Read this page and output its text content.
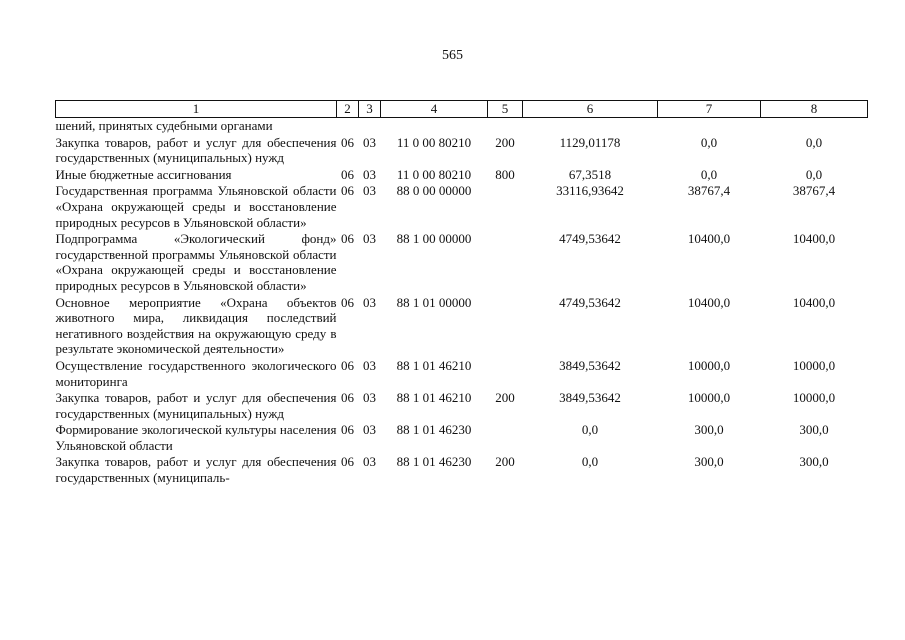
565
1	2	3	4	5	6	7	8
шений, принятых судебными органами							
Закупка товаров, работ и услуг для обеспечения государственных (муниципальных) нужд	06	03	11 0 00 80210	200	1129,01178	0,0	0,0
Иные бюджетные ассигнования	06	03	11 0 00 80210	800	67,3518	0,0	0,0
Государственная программа Ульяновской области «Охрана окружающей среды и восстановление природных ресурсов в Ульяновской области»	06	03	88 0 00 00000		33116,93642	38767,4	38767,4
Подпрограмма «Экологический фонд» государственной программы Ульяновской области «Охрана окружающей среды и восстановление природных ресурсов в Ульяновской области»	06	03	88 1 00 00000		4749,53642	10400,0	10400,0
Основное мероприятие «Охрана объектов животного мира, ликвидация последствий негативного воздействия на окружающую среду в результате экономической деятельности»	06	03	88 1 01 00000		4749,53642	10400,0	10400,0
Осуществление государственного экологического мониторинга	06	03	88 1 01 46210		3849,53642	10000,0	10000,0
Закупка товаров, работ и услуг для обеспечения государственных (муниципальных) нужд	06	03	88 1 01 46210	200	3849,53642	10000,0	10000,0
Формирование экологической культуры населения Ульяновской области	06	03	88 1 01 46230		0,0	300,0	300,0
Закупка товаров, работ и услуг для обеспечения государственных (муниципаль-	06	03	88 1 01 46230	200	0,0	300,0	300,0
